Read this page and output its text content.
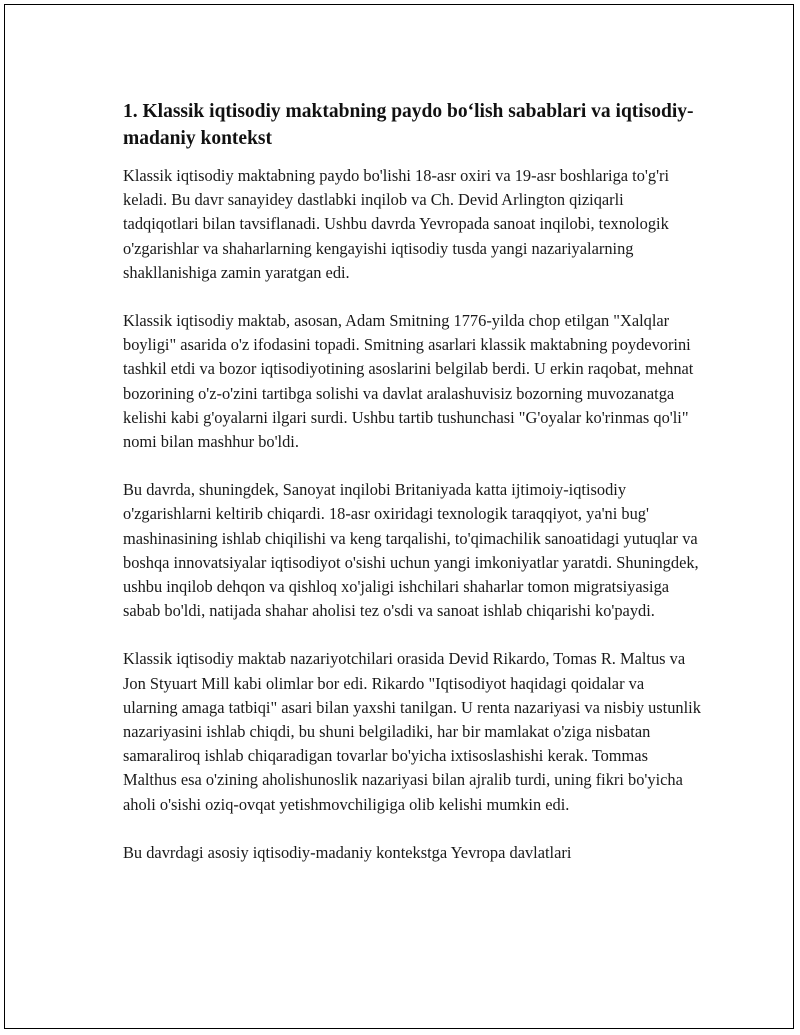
1. Klassik iqtisodiy maktabning paydo bo‘lish sabablari va iqtisodiy-madaniy kontekst

Klassik iqtisodiy maktabning paydo bo'lishi 18-asr oxiri va 19-asr boshlariga to'g'ri keladi. Bu davr sanayidey dastlabki inqilob va Ch. Devid Arlington qiziqarli tadqiqotlari bilan tavsiflanadi. Ushbu davrda Yevropada sanoat inqilobi, texnologik o'zgarishlar va shaharlarning kengayishi iqtisodiy tusda yangi nazariyalarning shakllanishiga zamin yaratgan edi.

Klassik iqtisodiy maktab, asosan, Adam Smitning 1776-yilda chop etilgan "Xalqlar boyligi" asarida o'z ifodasini topadi. Smitning asarlari klassik maktabning poydevorini tashkil etdi va bozor iqtisodiyotining asoslarini belgilab berdi. U erkin raqobat, mehnat bozorining o'z-o'zini tartibga solishi va davlat aralashuvisiz bozorning muvozanatga kelishi kabi g'oyalarni ilgari surdi. Ushbu tartib tushunchasi "G'oyalar ko'rinmas qo'li" nomi bilan mashhur bo'ldi.

Bu davrda, shuningdek, Sanoyat inqilobi Britaniyada katta ijtimoiy-iqtisodiy o'zgarishlarni keltirib chiqardi. 18-asr oxiridagi texnologik taraqqiyot, ya'ni bug' mashinasining ishlab chiqilishi va keng tarqalishi, to'qimachilik sanoatidagi yutuqlar va boshqa innovatsiyalar iqtisodiyot o'sishi uchun yangi imkoniyatlar yaratdi. Shuningdek, ushbu inqilob dehqon va qishloq xo'jaligi ishchilari shaharlar tomon migratsiyasiga sabab bo'ldi, natijada shahar aholisi tez o'sdi va sanoat ishlab chiqarishi ko'paydi.

Klassik iqtisodiy maktab nazariyotchilari orasida Devid Rikardo, Tomas R. Maltus va Jon Styuart Mill kabi olimlar bor edi. Rikardo "Iqtisodiyot haqidagi qoidalar va ularning amaga tatbiqi" asari bilan yaxshi tanilgan. U renta nazariyasi va nisbiy ustunlik nazariyasini ishlab chiqdi, bu shuni belgiladiki, har bir mamlakat o'ziga nisbatan samaraliroq ishlab chiqaradigan tovarlar bo'yicha ixtisoslashishi kerak. Tommas Malthus esa o'zining aholishunoslik nazariyasi bilan ajralib turdi, uning fikri bo'yicha aholi o'sishi oziq-ovqat yetishmovchiligiga olib kelishi mumkin edi.

Bu davrdagi asosiy iqtisodiy-madaniy kontekstga Yevropa davlatlari
